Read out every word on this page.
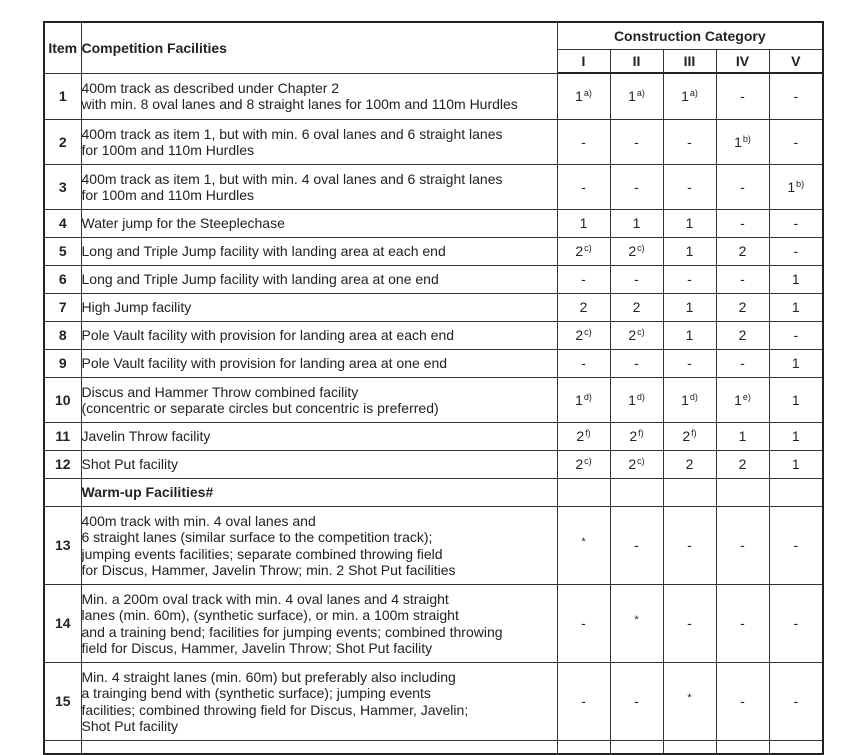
Item	Competition Facilities	Construction Category				
		I	II	III	IV	V
1	400m track as described under Chapter 2
with min. 8 oval lanes and 8 straight lanes for 100m and 110m Hurdles	1$^{a)}$	1$^{a)}$	1$^{a)}$	-	-
2	400m track as item 1, but with min. 6 oval lanes and 6 straight lanes
for 100m and 110m Hurdles	-	-	-	1$^{b)}$	-
3	400m track as item 1, but with min. 4 oval lanes and 6 straight lanes
for 100m and 110m Hurdles	-	-	-	-	1$^{b)}$
4	Water jump for the Steeplechase	1	1	1	-	-
5	Long and Triple Jump facility with landing area at each end	2$^{c)}$	2$^{c)}$	1	2	-
6	Long and Triple Jump facility with landing area at one end	-	-	-	-	1
7	High Jump facility	2	2	1	2	1
8	Pole Vault facility with provision for landing area at each end	2$^{c)}$	2$^{c)}$	1	2	-
9	Pole Vault facility with provision for landing area at one end	-	-	-	-	1
10	Discus and Hammer Throw combined facility
(concentric or separate circles but concentric is preferred)	1$^{d)}$	1$^{d)}$	1$^{d)}$	1$^{e)}$	1
11	Javelin Throw facility	2$^{f)}$	2$^{f)}$	2$^{f)}$	1	1
12	Shot Put facility	2$^{c)}$	2$^{c)}$	2	2	1
	Warm-up Facilities#					
13	400m track with min. 4 oval lanes and
6 straight lanes (similar surface to the competition track);
jumping events facilities; separate combined throwing field
for Discus, Hammer, Javelin Throw; min. 2 Shot Put facilities	*	-	-	-	-
14	Min. a 200m oval track with min. 4 oval lanes and 4 straight
lanes (min. 60m), (synthetic surface), or min. a 100m straight
and a training bend; facilities for jumping events; combined throwing
field for Discus, Hammer, Javelin Throw; Shot Put facility	-	*	-	-	-
15	Min. 4 straight lanes (min. 60m) but preferably also including
a trainging bend with (synthetic surface); jumping events
facilities; combined throwing field for Discus, Hammer, Javelin;
Shot Put facility	-	-	*	-	-
